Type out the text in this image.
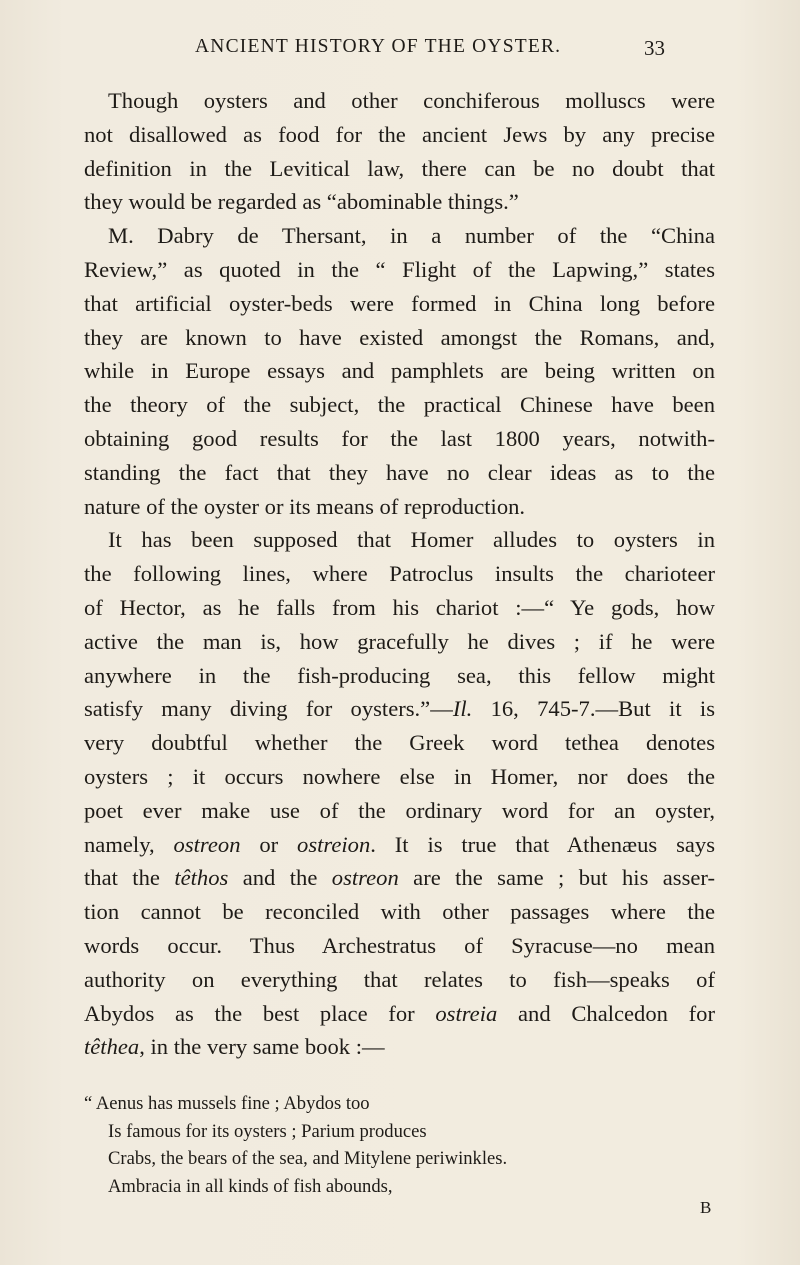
ANCIENT HISTORY OF THE OYSTER.	33
Though oysters and other conchiferous molluscs were
not disallowed as food for the ancient Jews by any precise
definition in the Levitical law, there can be no doubt that
they would be regarded as “abominable things.”
M. Dabry de Thersant, in a number of the “China
Review,” as quoted in the “ Flight of the Lapwing,” states
that artificial oyster-beds were formed in China long before
they are known to have existed amongst the Romans, and,
while in Europe essays and pamphlets are being written on
the theory of the subject, the practical Chinese have been
obtaining good results for the last 1800 years, notwith-
standing the fact that they have no clear ideas as to the
nature of the oyster or its means of reproduction.
It has been supposed that Homer alludes to oysters in
the following lines, where Patroclus insults the charioteer
of Hector, as he falls from his chariot :—“ Ye gods, how
active the man is, how gracefully he dives ; if he were
anywhere in the fish-producing sea, this fellow might
satisfy many diving for oysters.”—Il. 16, 745-7.—But it is
very doubtful whether the Greek word tethea denotes
oysters ; it occurs nowhere else in Homer, nor does the
poet ever make use of the ordinary word for an oyster,
namely, ostreon or ostreion. It is true that Athenæus says
that the têthos and the ostreon are the same ; but his asser-
tion cannot be reconciled with other passages where the
words occur. Thus Archestratus of Syracuse—no mean
authority on everything that relates to fish—speaks of
Abydos as the best place for ostreia and Chalcedon for
têthea, in the very same book :—
“ Aenus has mussels fine ; Abydos too
Is famous for its oysters ; Parium produces
Crabs, the bears of the sea, and Mitylene periwinkles.
Ambracia in all kinds of fish abounds,
B
